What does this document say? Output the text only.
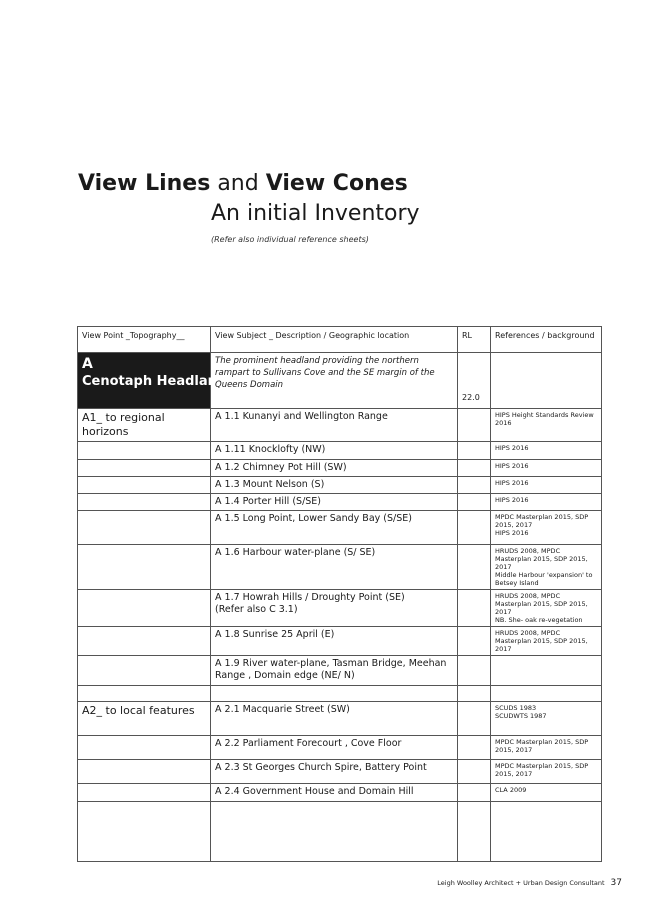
View Lines and View Cones
An initial Inventory
(Refer also individual reference sheets)
View Point _Topography__	View Subject _ Description / Geographic location	RL	References / background

A
Cenotaph Headland	The prominent headland providing the northern rampart to Sullivans Cove and the SE margin of the Queens Domain	22.0	
A1_ to regional horizons	A 1.1 Kunanyi and Wellington Range		HIPS Height Standards Review 2016
	A 1.11 Knocklofty (NW)		HIPS 2016
	A 1.2 Chimney Pot Hill (SW)		HIPS 2016
	A 1.3 Mount Nelson (S)		HIPS 2016
	A 1.4 Porter Hill (S/SE)		HIPS 2016
	A 1.5 Long Point, Lower Sandy Bay (S/SE)		MPDC Masterplan 2015, SDP 2015, 2017
HIPS 2016
	A 1.6 Harbour water-plane (S/ SE)		HRUDS 2008, MPDC Masterplan 2015, SDP 2015, 2017
Middle Harbour 'expansion' to Betsey Island
	A 1.7 Howrah Hills / Droughty Point (SE)
(Refer also C 3.1)		HRUDS 2008, MPDC Masterplan 2015, SDP 2015, 2017
NB. She- oak re-vegetation
	A 1.8 Sunrise 25 April (E)		HRUDS 2008, MPDC Masterplan 2015, SDP 2015, 2017
	A 1.9 River water-plane, Tasman Bridge, Meehan Range , Domain edge (NE/ N)		

A2_ to local features	A 2.1 Macquarie Street (SW)		SCUDS 1983
SCUDWTS 1987
	A 2.2 Parliament Forecourt , Cove Floor		MPDC Masterplan 2015, SDP 2015, 2017
	A 2.3 St Georges Church Spire, Battery Point		MPDC Masterplan 2015, SDP 2015, 2017
	A 2.4 Government House and Domain Hill		CLA 2009

Leigh Woolley Architect + Urban Design Consultant 37
